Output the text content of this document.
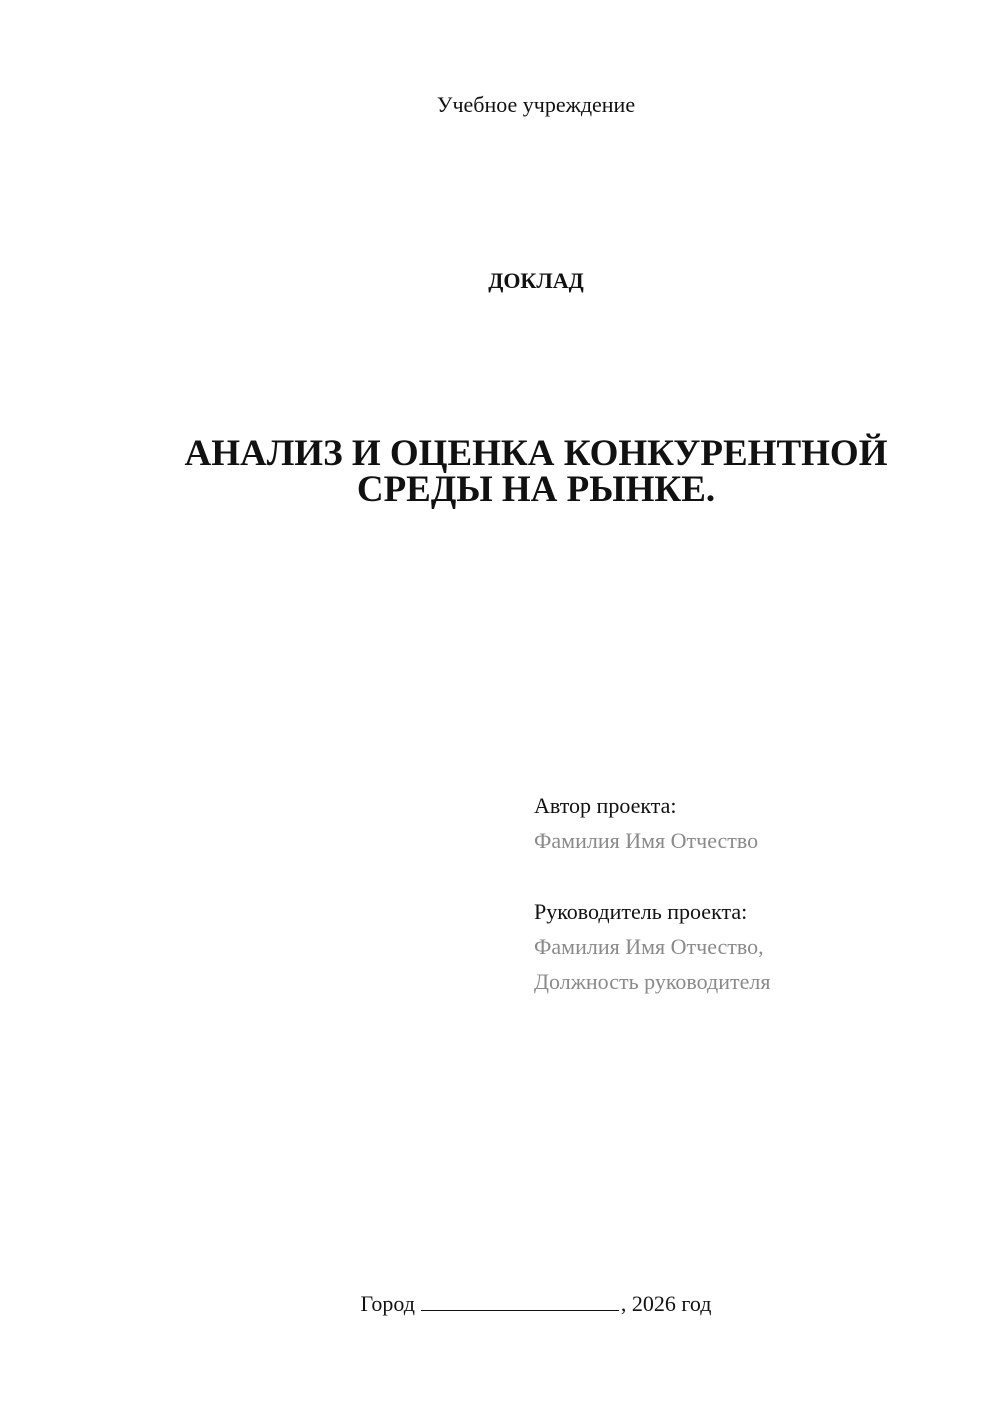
Учебное учреждение
ДОКЛАД
АНАЛИЗ И ОЦЕНКА КОНКУРЕНТНОЙ
СРЕДЫ НА РЫНКЕ.
Автор проекта:
Фамилия Имя Отчество
Руководитель проекта:
Фамилия Имя Отчество,
Должность руководителя
Город	, 2026 год
